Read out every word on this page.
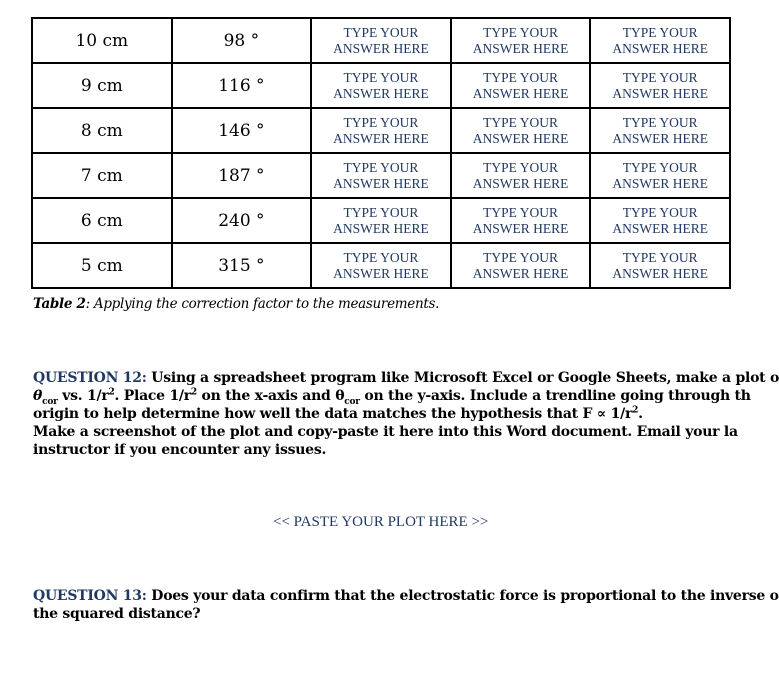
10 cm	98 °	TYPE YOUR
ANSWER HERE	TYPE YOUR
ANSWER HERE	TYPE YOUR
ANSWER HERE

9 cm	116 °	TYPE YOUR
ANSWER HERE	TYPE YOUR
ANSWER HERE	TYPE YOUR
ANSWER HERE

8 cm	146 °	TYPE YOUR
ANSWER HERE	TYPE YOUR
ANSWER HERE	TYPE YOUR
ANSWER HERE

7 cm	187 °	TYPE YOUR
ANSWER HERE	TYPE YOUR
ANSWER HERE	TYPE YOUR
ANSWER HERE

6 cm	240 °	TYPE YOUR
ANSWER HERE	TYPE YOUR
ANSWER HERE	TYPE YOUR
ANSWER HERE

5 cm	315 °	TYPE YOUR
ANSWER HERE	TYPE YOUR
ANSWER HERE	TYPE YOUR
ANSWER HERE
Table 2: Applying the correction factor to the measurements.
QUESTION 12: Using a spreadsheet program like Microsoft Excel or Google Sheets, make a plot o
$\theta_{cor}$ vs. $1/r^2$. Place $1/r^2$ on the x-axis and $\theta_{cor}$ on the y-axis. Include a trendline going through th
origin to help determine how well the data matches the hypothesis that $F \propto 1/r^2$.
Make a screenshot of the plot and copy-paste it here into this Word document. Email your la
instructor if you encounter any issues.
<< PASTE YOUR PLOT HERE >>
QUESTION 13: Does your data confirm that the electrostatic force is proportional to the inverse o
the squared distance?
